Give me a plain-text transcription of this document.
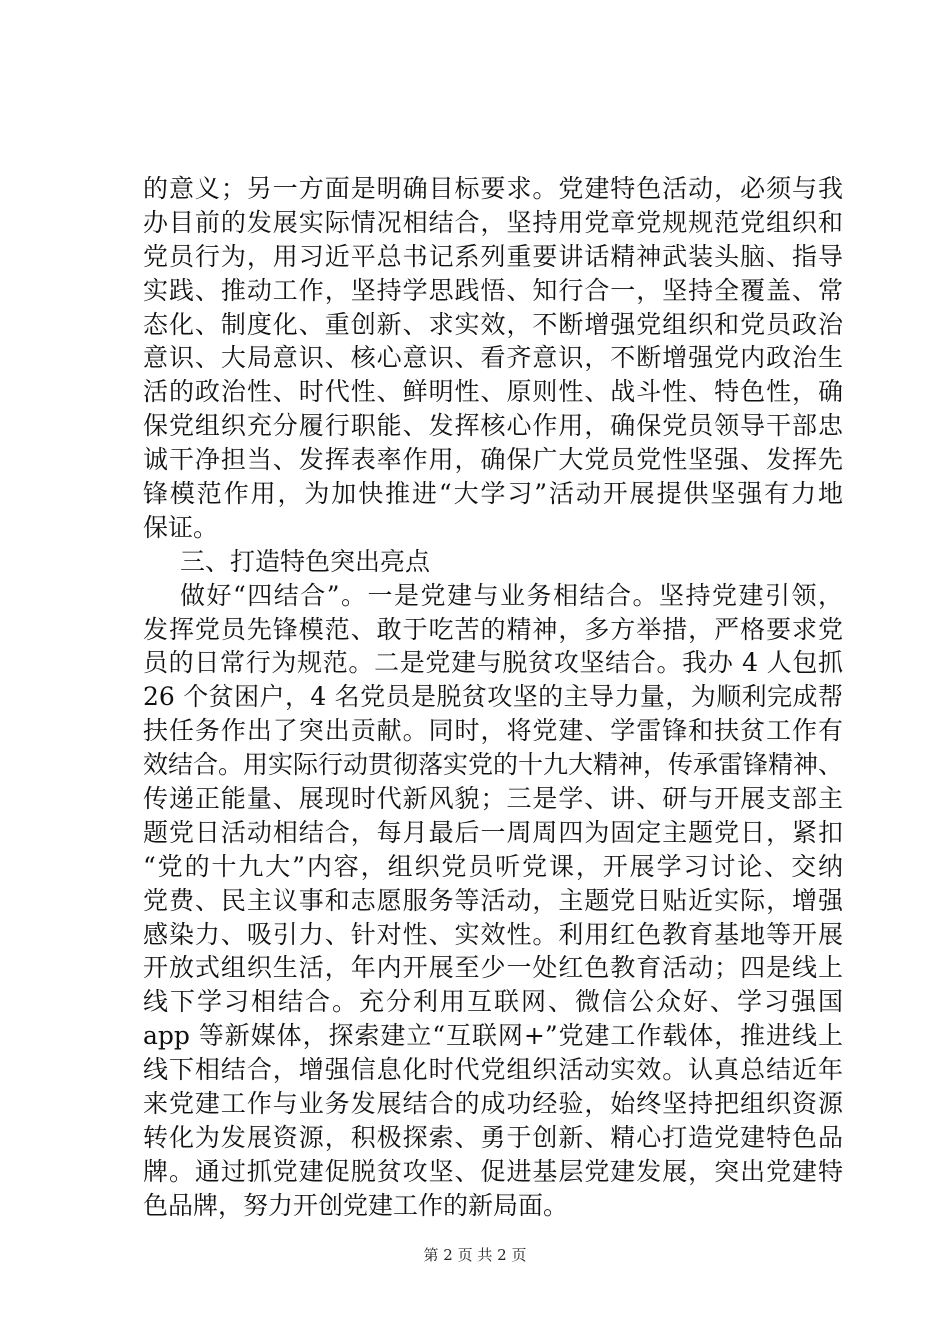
的意义；另一方面是明确目标要求。党建特色活动，必须与我
办目前的发展实际情况相结合，坚持用党章党规规范党组织和
党员行为，用习近平总书记系列重要讲话精神武装头脑、指导
实践、推动工作，坚持学思践悟、知行合一，坚持全覆盖、常
态化、制度化、重创新、求实效，不断增强党组织和党员政治
意识、大局意识、核心意识、看齐意识，不断增强党内政治生
活的政治性、时代性、鲜明性、原则性、战斗性、特色性，确
保党组织充分履行职能、发挥核心作用，确保党员领导干部忠
诚干净担当、发挥表率作用，确保广大党员党性坚强、发挥先
锋模范作用，为加快推进“大学习”活动开展提供坚强有力地
保证。
三、打造特色突出亮点
做好“四结合”。一是党建与业务相结合。坚持党建引领，
发挥党员先锋模范、敢于吃苦的精神，多方举措，严格要求党
员的日常行为规范。二是党建与脱贫攻坚结合。我办 4 人包抓
26 个贫困户，4 名党员是脱贫攻坚的主导力量，为顺利完成帮
扶任务作出了突出贡献。同时，将党建、学雷锋和扶贫工作有
效结合。用实际行动贯彻落实党的十九大精神，传承雷锋精神、
传递正能量、展现时代新风貌；三是学、讲、研与开展支部主
题党日活动相结合，每月最后一周周四为固定主题党日，紧扣
“党的十九大”内容，组织党员听党课，开展学习讨论、交纳
党费、民主议事和志愿服务等活动，主题党日贴近实际，增强
感染力、吸引力、针对性、实效性。利用红色教育基地等开展
开放式组织生活，年内开展至少一处红色教育活动；四是线上
线下学习相结合。充分利用互联网、微信公众好、学习强国
app 等新媒体，探索建立“互联网+”党建工作载体，推进线上
线下相结合，增强信息化时代党组织活动实效。认真总结近年
来党建工作与业务发展结合的成功经验，始终坚持把组织资源
转化为发展资源，积极探索、勇于创新、精心打造党建特色品
牌。通过抓党建促脱贫攻坚、促进基层党建发展，突出党建特
色品牌，努力开创党建工作的新局面。
第 2 页 共 2 页
